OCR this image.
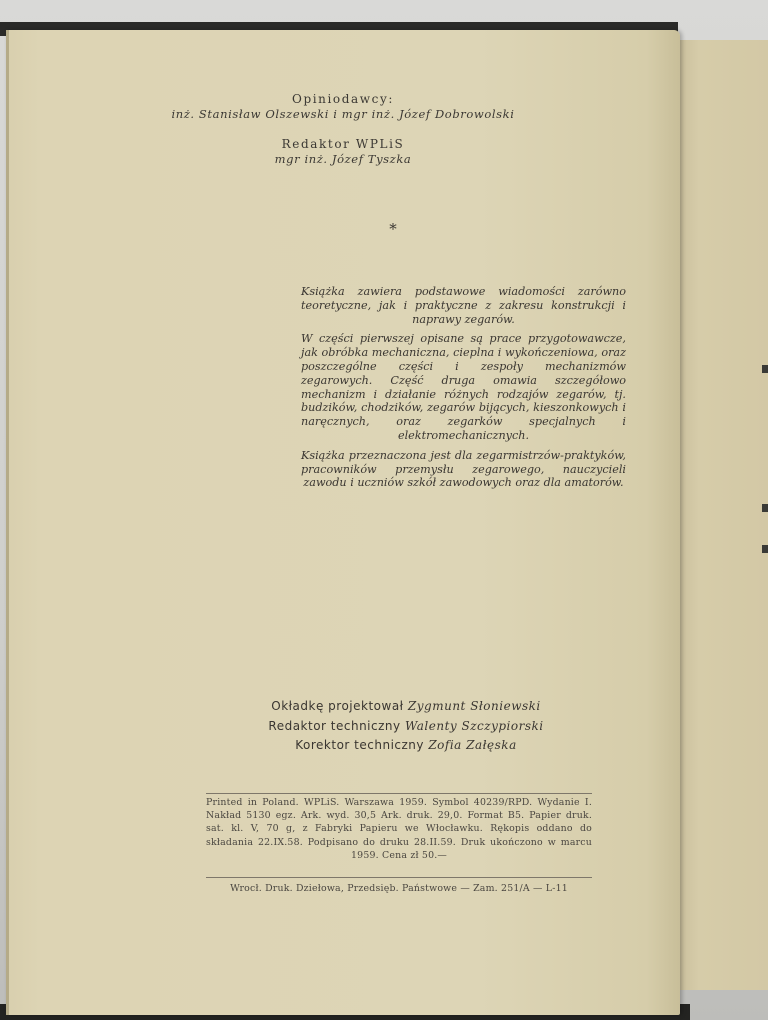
Opiniodawcy:
inż. Stanisław Olszewski i mgr inż. Józef Dobrowolski
Redaktor WPLiS
mgr inż. Józef Tyszka
*

Książka zawiera podstawowe wiadomości zarówno teoretyczne, jak i praktyczne z zakresu konstrukcji i naprawy zegarów.

W części pierwszej opisane są prace przygotowawcze, jak obróbka mechaniczna, cieplna i wykończeniowa, oraz poszczególne części i zespoły mechanizmów zegarowych. Część druga omawia szczegółowo mechanizm i działanie różnych rodzajów zegarów, tj. budzików, chodzików, zegarów bijących, kieszonkowych i naręcznych, oraz zegarków specjalnych i elektromechanicznych.

Książka przeznaczona jest dla zegarmistrzów-praktyków, pracowników przemysłu zegarowego, nauczycieli zawodu i uczniów szkół zawodowych oraz dla amatorów.

Okładkę projektował Zygmunt Słoniewski
Redaktor techniczny Walenty Szczypiorski
Korektor techniczny Zofia Załęska
Printed in Poland. WPLiS. Warszawa 1959. Symbol 40239/RPD. Wydanie I. Nakład 5130 egz. Ark. wyd. 30,5 Ark. druk. 29,0. Format B5. Papier druk. sat. kl. V, 70 g, z Fabryki Papieru we Włocławku. Rękopis oddano do składania 22.IX.58. Podpisano do druku 28.II.59. Druk ukończono w marcu 1959. Cena zł 50.—
Wrocł. Druk. Dziełowa, Przedsięb. Państwowe — Zam. 251/A — L-11
